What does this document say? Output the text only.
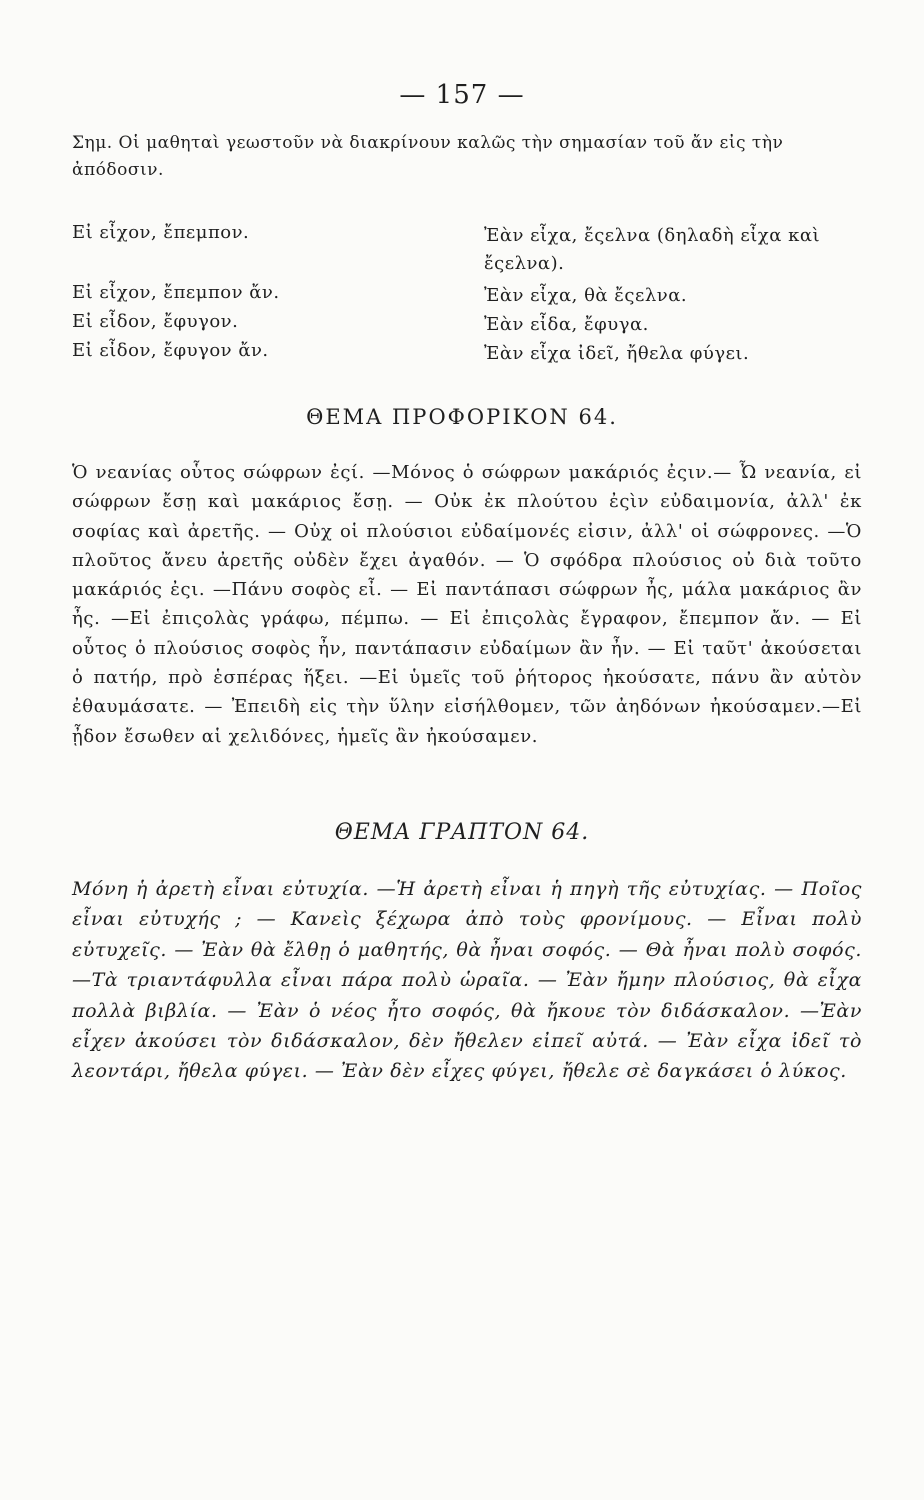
— 157 —
Σημ. Οἱ μαθηταὶ γεωστοῦν νὰ διακρίνουν καλῶς τὴν σημασίαν τοῦ ἄν εἰς τὴν ἀπόδοσιν.
Εἰ εἶχον, ἔπεμπον.
Εἰ εἶχον, ἔπεμπον ἄν.
Εἰ εἶδον, ἔφυγον.
Εἰ εἶδον, ἔφυγον ἄν.
Ἐὰν εἶχα, ἔςελνα (δηλαδὴ εἶχα καὶ ἔςελνα).
Ἐὰν εἶχα, θὰ ἔςελνα.
Ἐὰν εἶδα, ἔφυγα.
Ἐὰν εἶχα ἰδεῖ, ἤθελα φύγει.
ΘΕΜΑ ΠΡΟΦΟΡΙΚΟΝ 64.
Ὁ νεανίας οὗτος σώφρων ἐςί. —Μόνος ὁ σώφρων μακάριός ἐςιν.— Ὦ νεανία, εἰ σώφρων ἔσῃ καὶ μακάριος ἔσῃ. — Οὐκ ἐκ πλούτου ἐςὶν εὐδαιμονία, ἀλλ' ἐκ σοφίας καὶ ἀρετῆς. — Οὐχ οἱ πλούσιοι εὐδαίμονές εἰσιν, ἀλλ' οἱ σώφρονες. —Ὁ πλοῦτος ἄνευ ἀρετῆς οὐδὲν ἔχει ἀγαθόν. — Ὁ σφόδρα πλούσιος οὐ διὰ τοῦτο μακάριός ἐςι. —Πάνυ σοφὸς εἶ. — Εἰ παντάπασι σώφρων ἦς, μάλα μακάριος ἂν ἦς. —Εἰ ἐπιςολὰς γράφω, πέμπω. — Εἰ ἐπιςολὰς ἔγραφον, ἔπεμπον ἄν. — Εἰ οὗτος ὁ πλούσιος σοφὸς ἦν, παντάπασιν εὐδαίμων ἂν ἦν. — Εἰ ταῦτ' ἀκούσεται ὁ πατήρ, πρὸ ἑσπέρας ἥξει. —Εἰ ὑμεῖς τοῦ ῥήτορος ἠκούσατε, πάνυ ἂν αὐτὸν ἐθαυμάσατε. — Ἐπειδὴ εἰς τὴν ὕλην εἰσήλθομεν, τῶν ἀηδόνων ἠκούσαμεν.—Εἰ ᾖδον ἔσωθεν αἱ χελιδόνες, ἡμεῖς ἂν ἠκούσαμεν.
ΘΕΜΑ ΓΡΑΠΤΟΝ 64.
Μόνη ἡ ἀρετὴ εἶναι εὐτυχία. —Ἡ ἀρετὴ εἶναι ἡ πηγὴ τῆς εὐτυχίας. — Ποῖος εἶναι εὐτυχής ; — Κανεὶς ξέχωρα ἀπὸ τοὺς φρονίμους. — Εἶναι πολὺ εὐτυχεῖς. — Ἐὰν θὰ ἔλθῃ ὁ μαθητής, θὰ ἦναι σοφός. — Θὰ ἦναι πολὺ σοφός. —Τὰ τριαντάφυλλα εἶναι πάρα πολὺ ὡραῖα. — Ἐὰν ἤμην πλούσιος, θὰ εἶχα πολλὰ βιβλία. — Ἐὰν ὁ νέος ἦτο σοφός, θὰ ἤκουε τὸν διδάσκαλον. —Ἐὰν εἶχεν ἀκούσει τὸν διδάσκαλον, δὲν ἤθελεν εἰπεῖ αὐτά. — Ἐὰν εἶχα ἰδεῖ τὸ λεοντάρι, ἤθελα φύγει. — Ἐὰν δὲν εἶχες φύγει, ἤθελε σὲ δαγκάσει ὁ λύκος.
